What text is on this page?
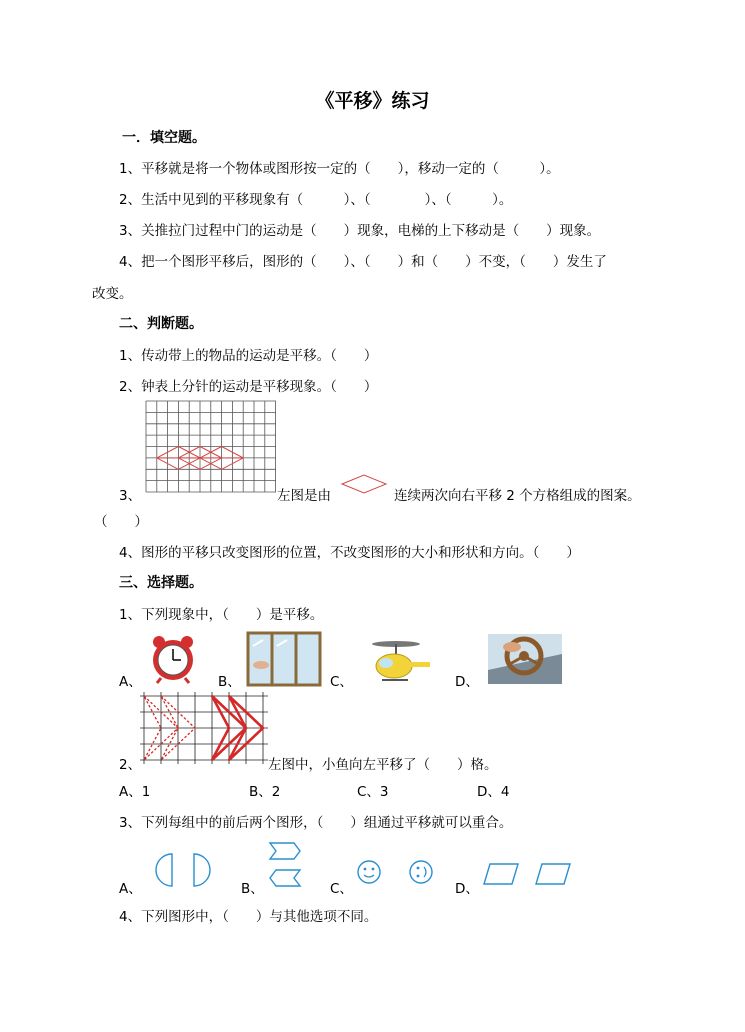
《平移》练习
一．填空题。
1、平移就是将一个物体或图形按一定的（　　），移动一定的（　　　）。
2、生活中见到的平移现象有（　　　）、（　　　　）、（　　　）。
3、关推拉门过程中门的运动是（　　）现象，电梯的上下移动是（　　）现象。
4、把一个图形平移后，图形的（　　）、（　　）和（　　）不变，（　　）发生了
改变。
二、判断题。
1、传动带上的物品的运动是平移。（　　）
2、钟表上分针的运动是平移现象。（　　）
3、	左图是由	连续两次向右平移 2 个方格组成的图案。
（　　）
4、图形的平移只改变图形的位置，不改变图形的大小和形状和方向。（　　）
三、选择题。
1、下列现象中，（　　）是平移。
A、	B、	C、	D、
2、	左图中，小鱼向左平移了（　　）格。
A、1	B、2	C、3	D、4
3、下列每组中的前后两个图形，（　　）组通过平移就可以重合。
A、	B、	C、	D、
4、下列图形中，（　　）与其他选项不同。
